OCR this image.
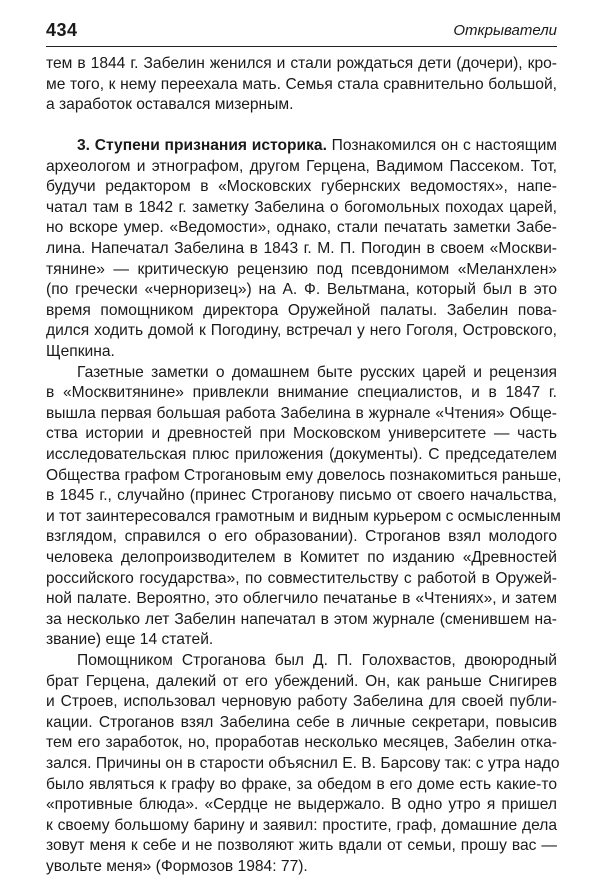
434	Открыватели
тем в 1844 г. Забелин женился и стали рождаться дети (дочери), кро-
ме того, к нему переехала мать. Семья стала сравнительно большой,
а заработок оставался мизерным.
3. Ступени признания историка. Познакомился он с настоящим
археологом и этнографом, другом Герцена, Вадимом Пассеком. Тот,
будучи редактором в «Московских губернских ведомостях», напе-
чатал там в 1842 г. заметку Забелина о богомольных походах царей,
но вскоре умер. «Ведомости», однако, стали печатать заметки Забе-
лина. Напечатал Забелина в 1843 г. М. П. Погодин в своем «Москви-
тянине» — критическую рецензию под псевдонимом «Меланхлен»
(по гречески «черноризец») на А. Ф. Вельтмана, который был в это
время помощником директора Оружейной палаты. Забелин пова-
дился ходить домой к Погодину, встречал у него Гоголя, Островского,
Щепкина.
Газетные заметки о домашнем быте русских царей и рецензия
в «Москвитянине» привлекли внимание специалистов, и в 1847 г.
вышла первая большая работа Забелина в журнале «Чтения» Обще-
ства истории и древностей при Московском университете — часть
исследовательская плюс приложения (документы). С председателем
Общества графом Строгановым ему довелось познакомиться раньше,
в 1845 г., случайно (принес Строганову письмо от своего начальства,
и тот заинтересовался грамотным и видным курьером с осмысленным
взглядом, справился о его образовании). Строганов взял молодого
человека делопроизводителем в Комитет по изданию «Древностей
российского государства», по совместительству с работой в Оружей-
ной палате. Вероятно, это облегчило печатанье в «Чтениях», и затем
за несколько лет Забелин напечатал в этом журнале (сменившем на-
звание) еще 14 статей.
Помощником Строганова был Д. П. Голохвастов, двоюродный
брат Герцена, далекий от его убеждений. Он, как раньше Снигирев
и Строев, использовал черновую работу Забелина для своей публи-
кации. Строганов взял Забелина себе в личные секретари, повысив
тем его заработок, но, проработав несколько месяцев, Забелин отка-
зался. Причины он в старости объяснил Е. В. Барсову так: с утра надо
было являться к графу во фраке, за обедом в его доме есть какие-то
«противные блюда». «Сердце не выдержало. В одно утро я пришел
к своему большому барину и заявил: простите, граф, домашние дела
зовут меня к себе и не позволяют жить вдали от семьи, прошу вас —
увольте меня» (Формозов 1984: 77).
